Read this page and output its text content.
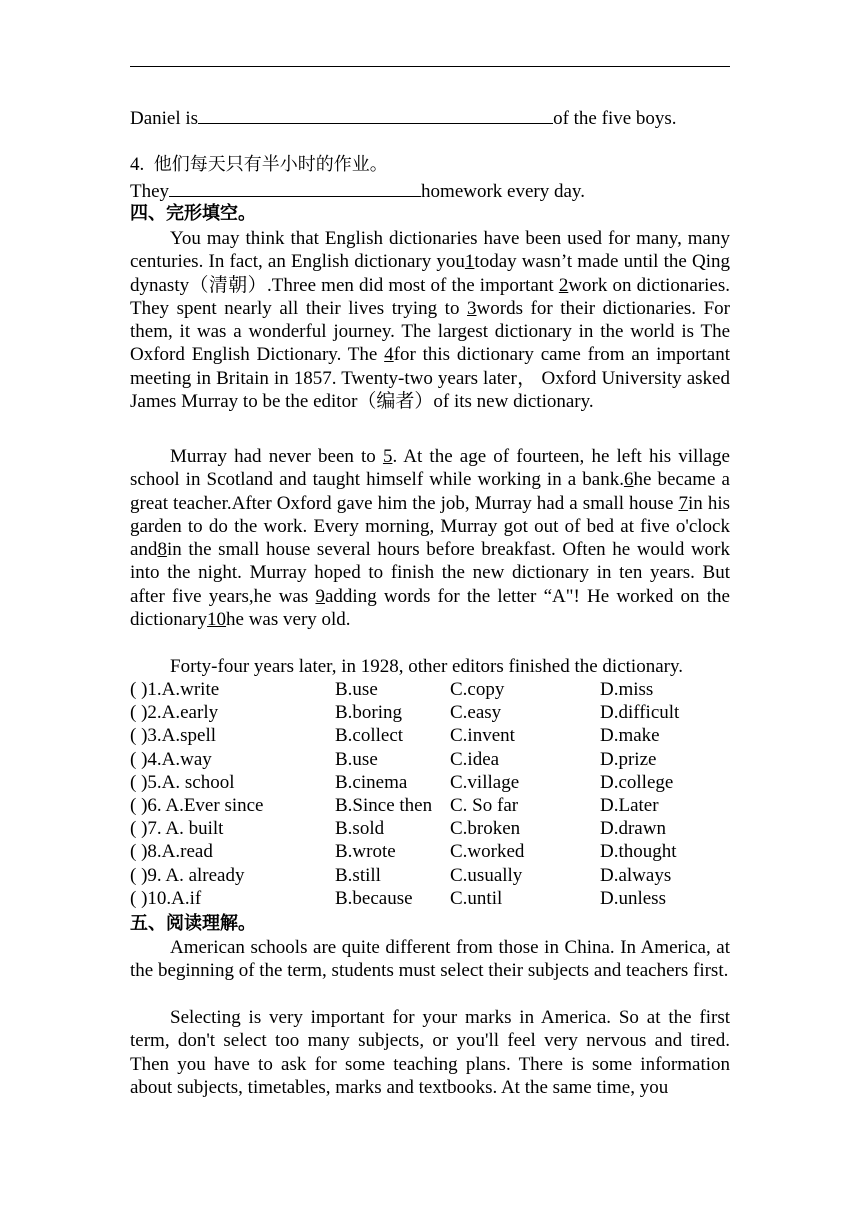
Daniel is	of the five boys.
4. 他们每天只有半小时的作业。
They	homework every day.
四、完形填空。
You may think that English dictionaries have been used for many, many centuries. In fact, an English dictionary you1today wasn’t made until the Qing dynasty（清朝）.Three men did most of the important 2work on dictionaries. They spent nearly all their lives trying to 3words for their dictionaries. For them, it was a wonderful journey. The largest dictionary in the world is The Oxford English Dictionary. The 4for this dictionary came from an important meeting in Britain in 1857. Twenty-two years later， Oxford University asked James Murray to be the editor（编者）of its new dictionary.
Murray had never been to 5. At the age of fourteen, he left his village school in Scotland and taught himself while working in a bank.6he became a great teacher.After Oxford gave him the job, Murray had a small house 7in his garden to do the work. Every morning, Murray got out of bed at five o'clock and8in the small house several hours before breakfast. Often he would work into the night. Murray hoped to finish the new dictionary in ten years. But after five years,he was 9adding words for the letter “A"! He worked on the dictionary10he was very old.
Forty-four years later, in 1928, other editors finished the dictionary.
( )1.A.write	B.use	C.copy	D.miss
( )2.A.early	B.boring	C.easy	D.difficult
( )3.A.spell	B.collect C.invent	D.make
( )4.A.way	B.use	C.idea	D.prize
( )5.A. school	B.cinema C.village	D.college
( )6. A.Ever since	B.Since then C. So far	D.Later
( )7. A. built	B.sold	C.broken	D.drawn
( )8.A.read	B.wrote	C.worked	D.thought
( )9. A. already	B.still	C.usually	D.always
( )10.A.if	B.because C.until	D.unless
五、阅读理解。
American schools are quite different from those in China. In America, at the beginning of the term, students must select their subjects and teachers first.
Selecting is very important for your marks in America. So at the first term, don't select too many subjects, or you'll feel very nervous and tired. Then you have to ask for some teaching plans. There is some information about subjects, timetables, marks and textbooks. At the same time, you
